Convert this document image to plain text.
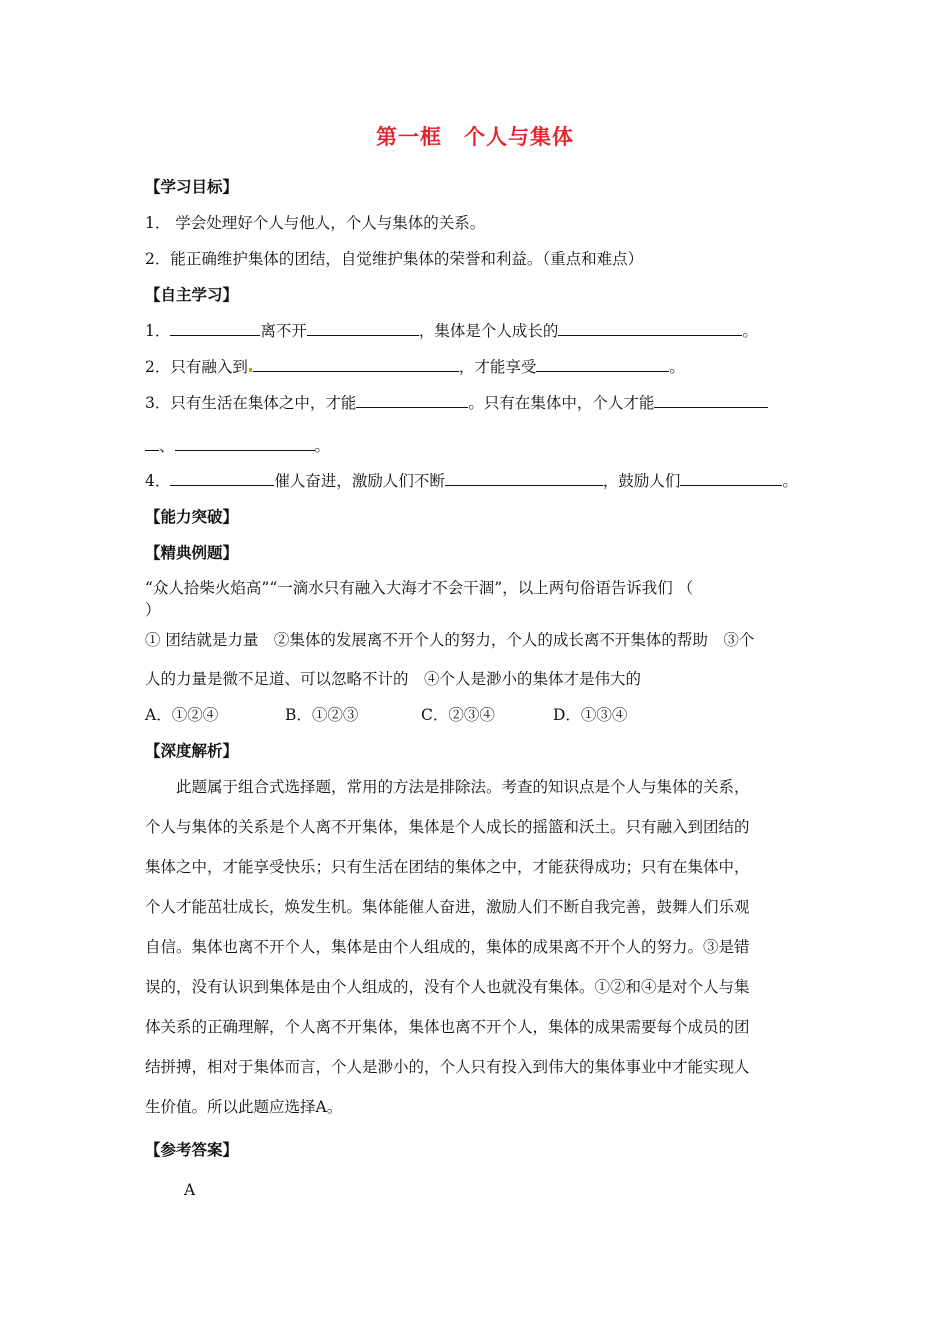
第一框　个人与集体
【学习目标】
1． 学会处理好个人与他人，个人与集体的关系。
2．能正确维护集体的团结，自觉维护集体的荣誉和利益。（重点和难点）
【自主学习】
1．	离不开	，集体是个人成长的	。
2．只有融入到	，才能享受	。
3．只有生活在集体之中，才能	。只有在集体中，个人才能
、	。
4．	催人奋进，激励人们不断	，鼓励人们	。
【能力突破】
【精典例题】
“众人拾柴火焰高”“一滴水只有融入大海才不会干涸”，以上两句俗语告诉我们 （
）
① 团结就是力量　②集体的发展离不开个人的努力，个人的成长离不开集体的帮助　③个
人的力量是微不足道、可以忽略不计的　④个人是渺小的集体才是伟大的
A．①②④	B．①②③	C．②③④	D．①③④
【深度解析】
此题属于组合式选择题，常用的方法是排除法。考查的知识点是个人与集体的关系，
个人与集体的关系是个人离不开集体，集体是个人成长的摇篮和沃土。只有融入到团结的
集体之中，才能享受快乐；只有生活在团结的集体之中，才能获得成功；只有在集体中，
个人才能茁壮成长，焕发生机。集体能催人奋进，激励人们不断自我完善，鼓舞人们乐观
自信。集体也离不开个人，集体是由个人组成的，集体的成果离不开个人的努力。③是错
误的，没有认识到集体是由个人组成的，没有个人也就没有集体。①②和④是对个人与集
体关系的正确理解，个人离不开集体，集体也离不开个人，集体的成果需要每个成员的团
结拼搏，相对于集体而言，个人是渺小的，个人只有投入到伟大的集体事业中才能实现人
生价值。所以此题应选择A。
【参考答案】
A
